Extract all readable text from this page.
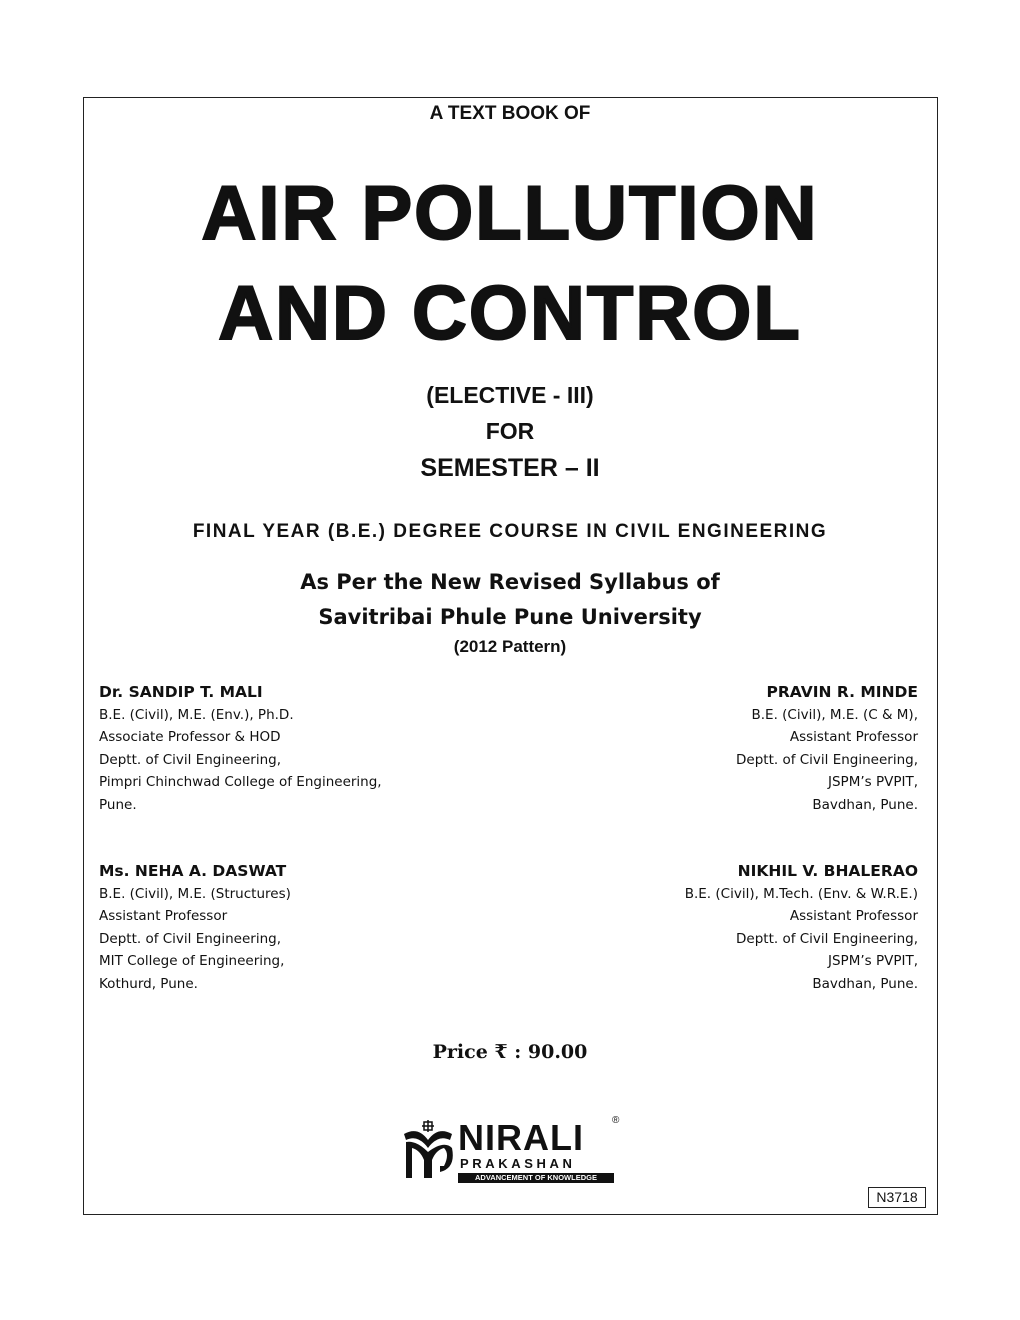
A TEXT BOOK OF
AIR POLLUTION
AND CONTROL
(ELECTIVE - III)
FOR
SEMESTER – II
FINAL YEAR (B.E.) DEGREE COURSE IN CIVIL ENGINEERING
As Per the New Revised Syllabus of
Savitribai Phule Pune University
(2012 Pattern)
Dr. SANDIP T. MALI
B.E. (Civil), M.E. (Env.), Ph.D.
Associate Professor & HOD
Deptt. of Civil Engineering,
Pimpri Chinchwad College of Engineering,
Pune.
PRAVIN R. MINDE
B.E. (Civil), M.E. (C & M),
Assistant Professor
Deptt. of Civil Engineering,
JSPM’s PVPIT,
Bavdhan, Pune.
Ms. NEHA A. DASWAT
B.E. (Civil), M.E. (Structures)
Assistant Professor
Deptt. of Civil Engineering,
MIT College of Engineering,
Kothurd, Pune.
NIKHIL V. BHALERAO
B.E. (Civil), M.Tech. (Env. & W.R.E.)
Assistant Professor
Deptt. of Civil Engineering,
JSPM’s PVPIT,
Bavdhan, Pune.
Price ₹ : 90.00
NIRALI	®
PRAKASHAN
ADVANCEMENT OF KNOWLEDGE
N3718
